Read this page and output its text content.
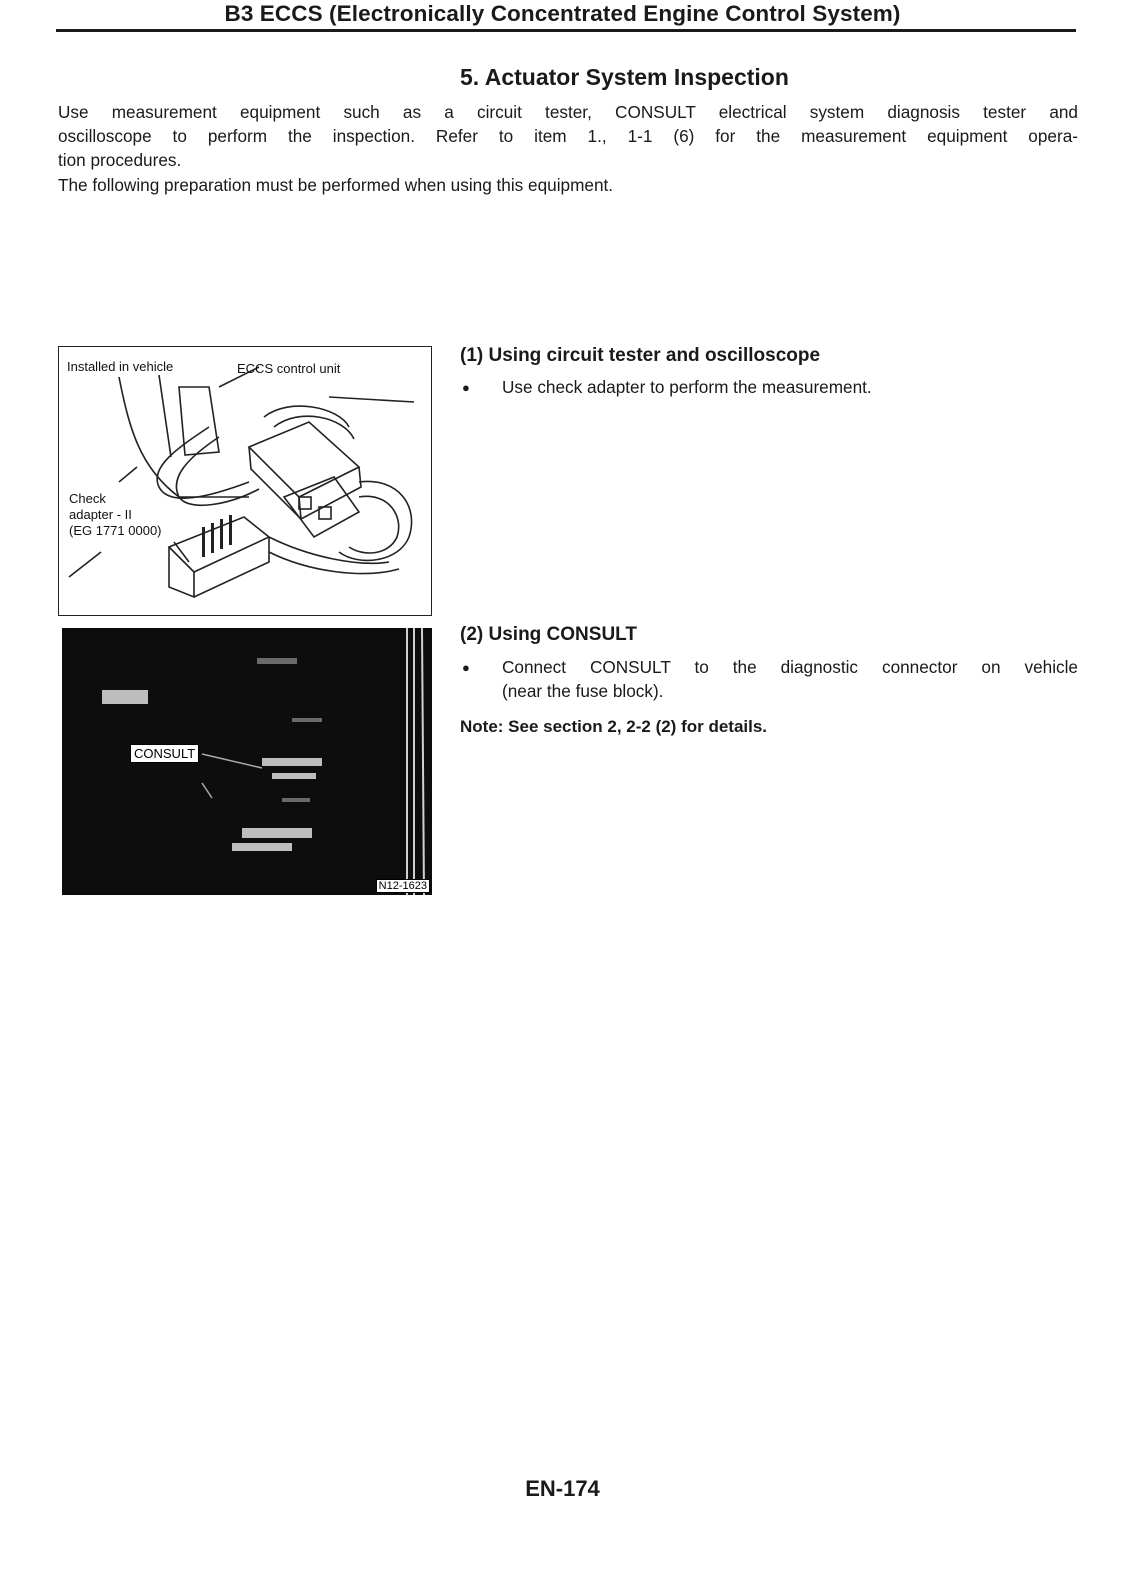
B3 ECCS (Electronically Concentrated Engine Control System)
5. Actuator System Inspection
Use measurement equipment such as a circuit tester, CONSULT electrical system diagnosis tester and
oscilloscope to perform the inspection. Refer to item 1., 1-1 (6) for the measurement equipment opera-
tion procedures.
The following preparation must be performed when using this equipment.
Installed in vehicle	ECCS control unit
Check
adapter - II
(EG 1771 0000)
CONSULT
N12-1623
(1) Using circuit tester and oscilloscope
● Use check adapter to perform the measurement.
(2) Using CONSULT
● Connect CONSULT to the diagnostic connector on vehicle
(near the fuse block).
Note: See section 2, 2-2 (2) for details.
EN-174
